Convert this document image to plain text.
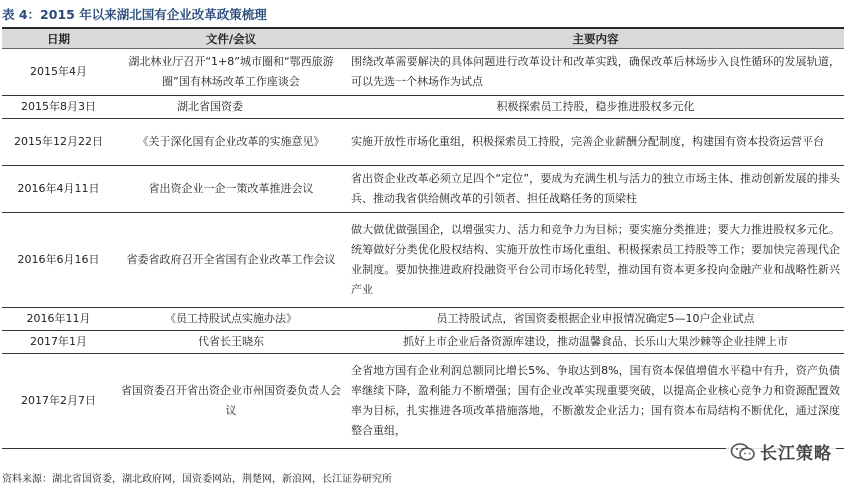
表 4：2015 年以来湖北国有企业改革政策梳理
日期	文件/会议	主要内容
2015年4月	湖北林业厅召开“1+8”城市圈和“鄂西旅游圈”国有林场改革工作座谈会	围绕改革需要解决的具体问题进行改革设计和改革实践，确保改革后林场步入良性循环的发展轨道，可以先选一个林场作为试点
2015年8月3日	湖北省国资委	积极探索员工持股，稳步推进股权多元化
2015年12月22日	《关于深化国有企业改革的实施意见》	实施开放性市场化重组，积极探索员工持股，完善企业薪酬分配制度，构建国有资本投资运营平台
2016年4月11日	省出资企业一企一策改革推进会议	省出资企业改革必须立足四个“定位”，要成为充满生机与活力的独立市场主体、推动创新发展的排头兵、推动我省供给侧改革的引领者、担任战略任务的顶梁柱
2016年6月16日	省委省政府召开全省国有企业改革工作会议	做大做优做强国企，以增强实力、活力和竞争力为目标；要实施分类推进；要大力推进股权多元化。统筹做好分类优化股权结构、实施开放性市场化重组、积极探索员工持股等工作；要加快完善现代企业制度。要加快推进政府投融资平台公司市场化转型，推动国有资本更多投向金融产业和战略性新兴产业
2016年11月	《员工持股试点实施办法》	员工持股试点，省国资委根据企业申报情况确定5—10户企业试点
2017年1月	代省长王晓东	抓好上市企业后备资源库建设，推动温馨食品、长乐山大果沙棘等企业挂牌上市
2017年2月7日	省国资委召开省出资企业市州国资委负责人会议	全省地方国有企业利润总额同比增长5%、争取达到8%，国有资本保值增值水平稳中有升，资产负债率继续下降，盈利能力不断增强；国有企业改革实现重要突破，以提高企业核心竞争力和资源配置效率为目标，扎实推进各项改革措施落地，不断激发企业活力；国有资本布局结构不断优化，通过深度整合重组，
资料来源：湖北省国资委，湖北政府网，国资委网站，荆楚网，新浪网，长江证券研究所
长江策略
